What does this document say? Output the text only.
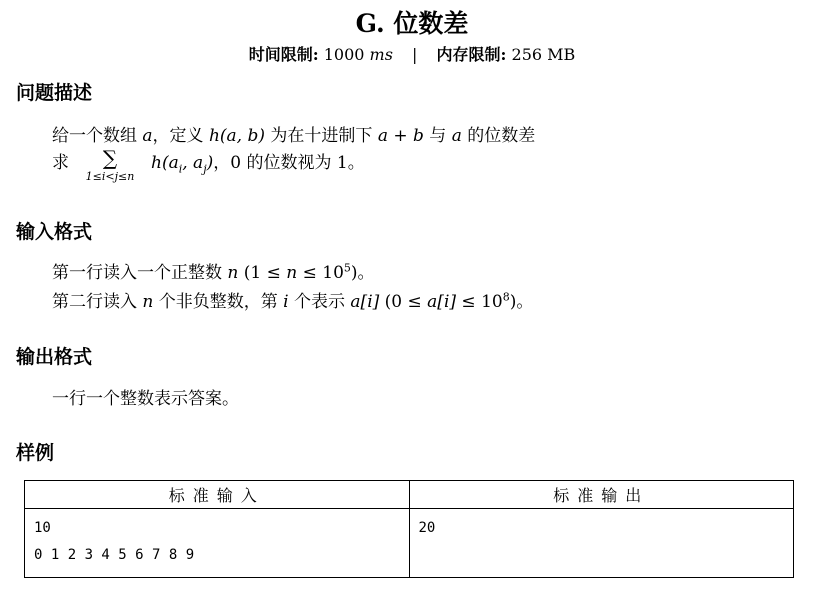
G. 位数差
时间限制: 1000 ms | 内存限制: 256 MB
问题描述
给一个数组 a，定义 h(a, b) 为在十进制下 a + b 与 a 的位数差
求 ∑
1≤i<j≤n
$h(a_i$, $a_j$)，0 的位数视为 1。
输入格式
第一行读入一个正整数 n $(1 \le n \le 10^5)$。
第二行读入 n 个非负整数，第 i 个表示 a[i] $(0 \le a[i] \le 10^8)$。
输出格式
一行一个整数表示答案。
样例
标准输入	标准输出

10
0 1 2 3 4 5 6 7 8 9	20
